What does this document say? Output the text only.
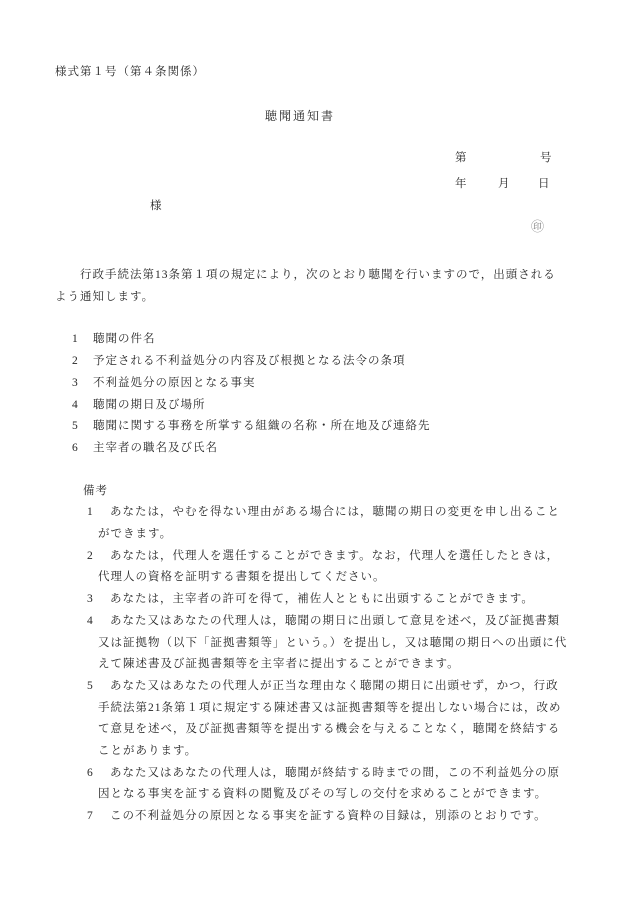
様式第１号（第４条関係）
聴聞通知書
第	号
年	月 日
様
㊞
行政手続法第13条第１項の規定により，次のとおり聴聞を行いますので，出頭される
よう通知します。
1 聴聞の件名
2 予定される不利益処分の内容及び根拠となる法令の条項
3 不利益処分の原因となる事実
4 聴聞の期日及び場所
5 聴聞に関する事務を所掌する組織の名称・所在地及び連絡先
6 主宰者の職名及び氏名
備考
1	あなたは，やむを得ない理由がある場合には，聴聞の期日の変更を申し出ること
ができます。
2	あなたは，代理人を選任することができます。なお，代理人を選任したときは，
代理人の資格を証明する書類を提出してください。
3	あなたは，主宰者の許可を得て，補佐人とともに出頭することができます。
4	あなた又はあなたの代理人は，聴聞の期日に出頭して意見を述べ，及び証拠書類
又は証拠物（以下「証拠書類等」という。）を提出し，又は聴聞の期日への出頭に代
えて陳述書及び証拠書類等を主宰者に提出することができます。
5	あなた又はあなたの代理人が正当な理由なく聴聞の期日に出頭せず，かつ，行政
手続法第21条第１項に規定する陳述書又は証拠書類等を提出しない場合には，改め
て意見を述べ，及び証拠書類等を提出する機会を与えることなく，聴聞を終結する
ことがあります。
6	あなた又はあなたの代理人は，聴聞が終結する時までの間，この不利益処分の原
因となる事実を証する資料の閲覧及びその写しの交付を求めることができます。
7	この不利益処分の原因となる事実を証する資粋の目録は，別添のとおりです。
